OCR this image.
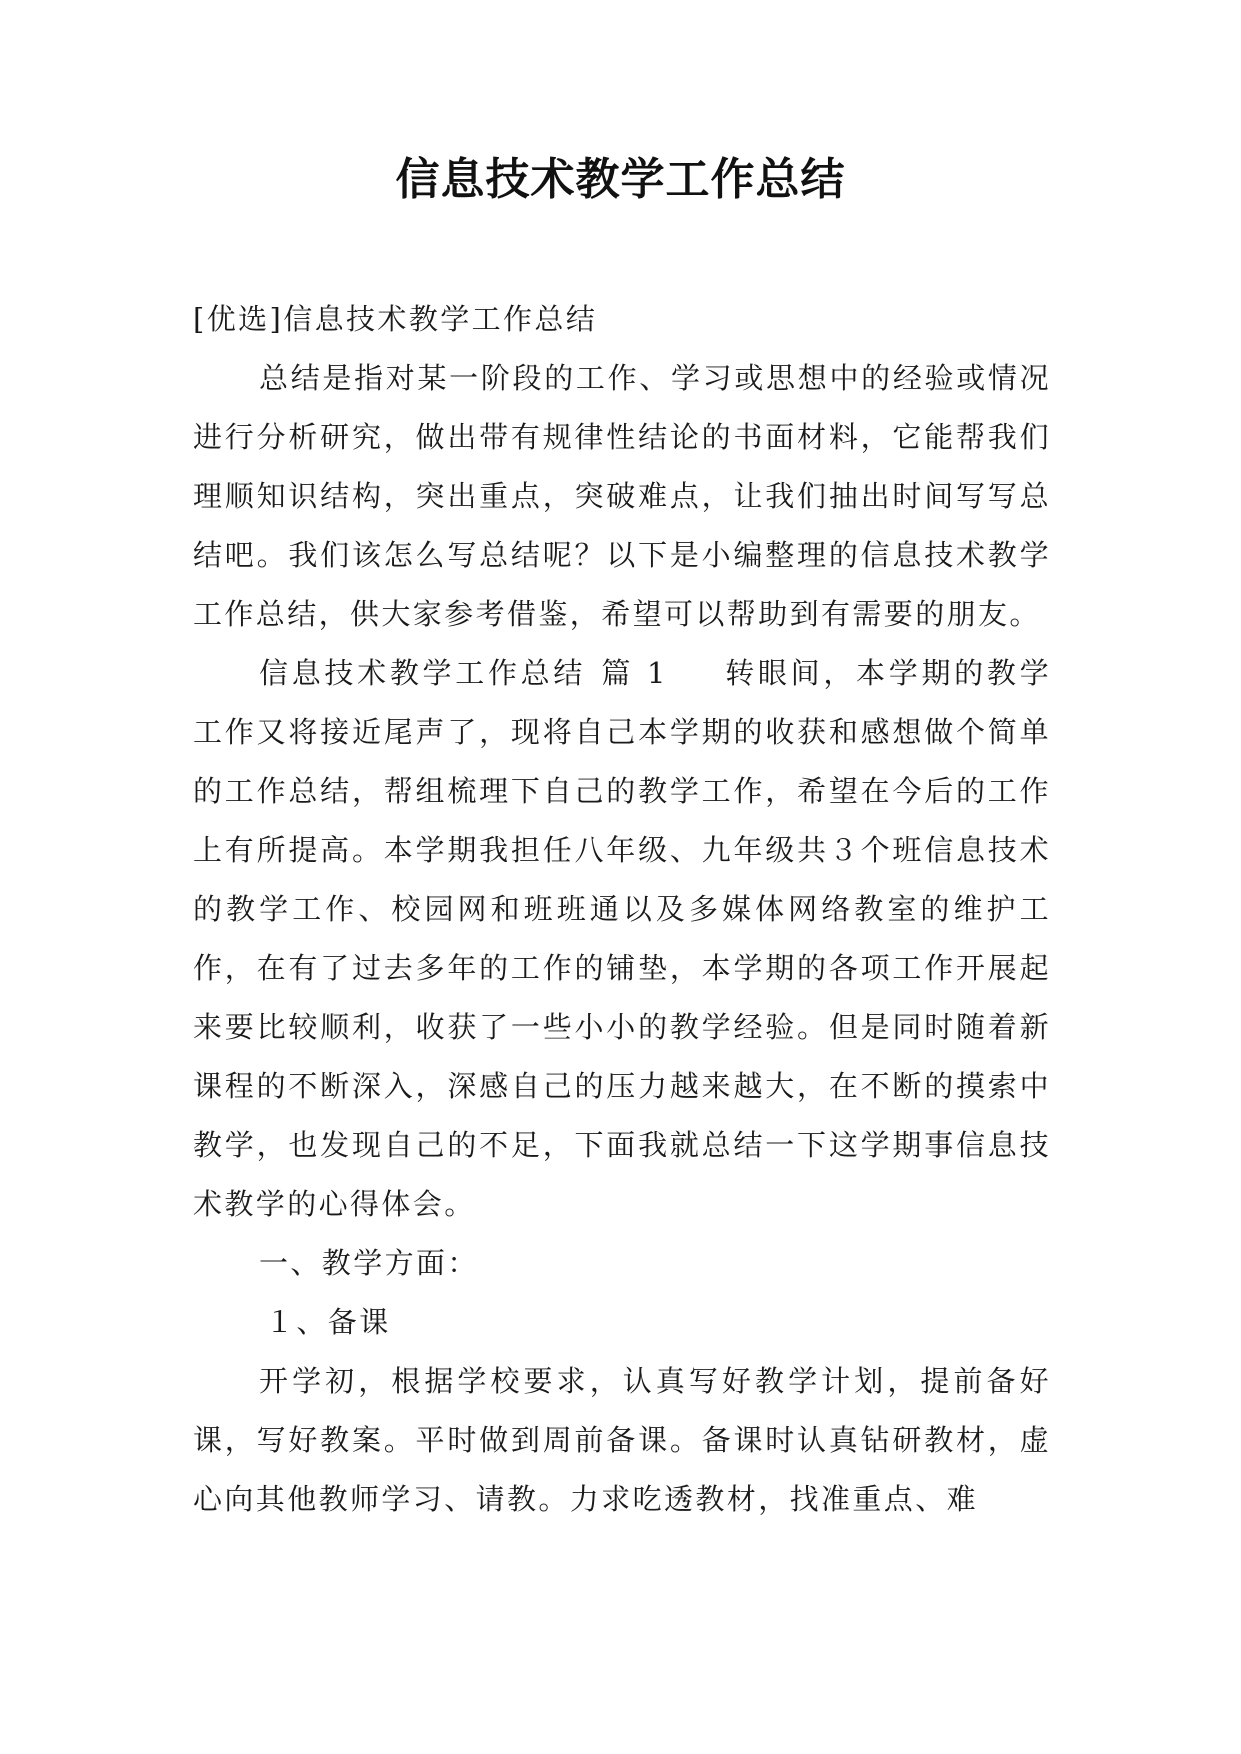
信息技术教学工作总结

[优选]信息技术教学工作总结

总结是指对某一阶段的工作、学习或思想中的经验或情况进行分析研究，做出带有规律性结论的书面材料，它能帮我们理顺知识结构，突出重点，突破难点，让我们抽出时间写写总结吧。我们该怎么写总结呢？以下是小编整理的信息技术教学工作总结，供大家参考借鉴，希望可以帮助到有需要的朋友。

信息技术教学工作总结 篇 1 转眼间，本学期的教学工作又将接近尾声了，现将自己本学期的收获和感想做个简单的工作总结，帮组梳理下自己的教学工作，希望在今后的工作上有所提高。本学期我担任八年级、九年级共３个班信息技术的教学工作、校园网和班班通以及多媒体网络教室的维护工作，在有了过去多年的工作的铺垫，本学期的各项工作开展起来要比较顺利，收获了一些小小的教学经验。但是同时随着新课程的不断深入，深感自己的压力越来越大，在不断的摸索中教学，也发现自己的不足，下面我就总结一下这学期事信息技术教学的心得体会。

一、教学方面：

１、备课

开学初，根据学校要求，认真写好教学计划，提前备好课，写好教案。平时做到周前备课。备课时认真钻研教材，虚心向其他教师学习、请教。力求吃透教材，找准重点、难
